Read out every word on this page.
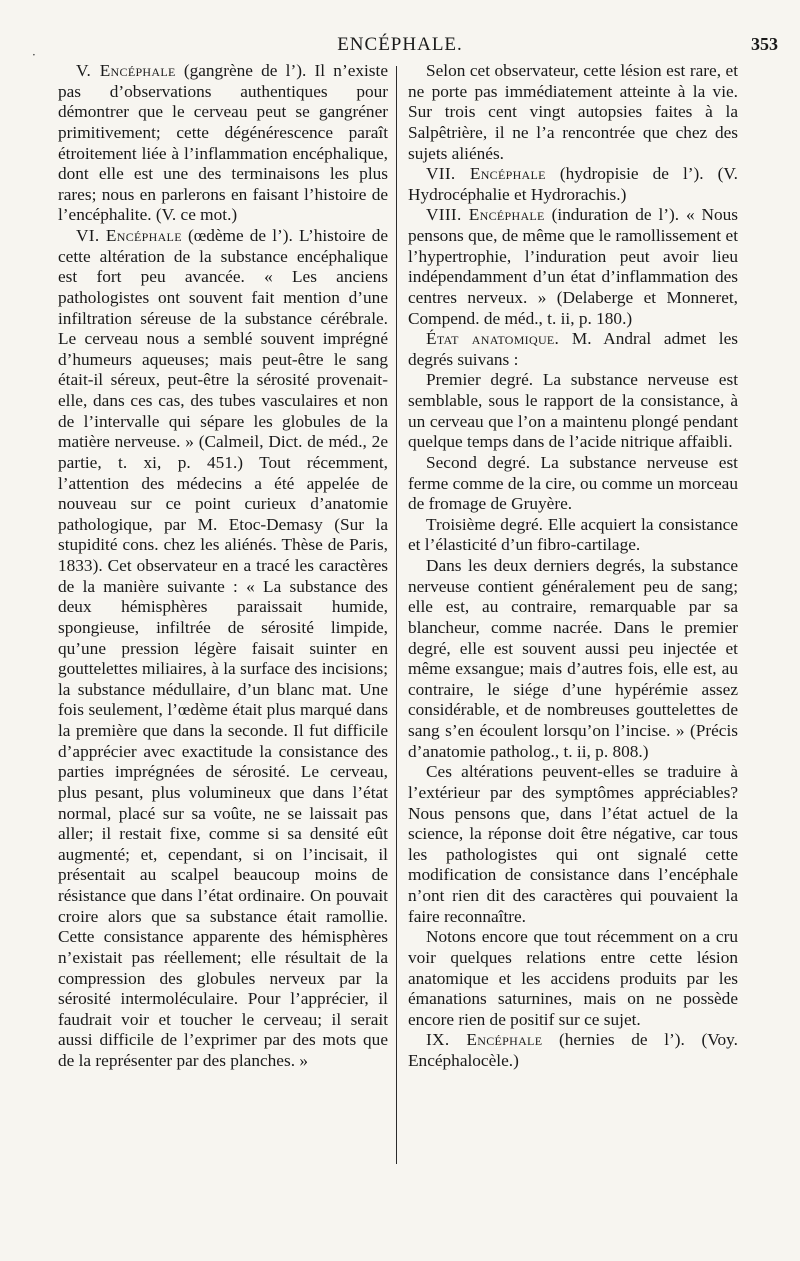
·	ENCÉPHALE.	353

V. Encéphale (gangrène de l’). Il n’existe pas d’observations authentiques pour démontrer que le cerveau peut se gangréner primitivement; cette dégénérescence paraît étroitement liée à l’inflammation encéphalique, dont elle est une des terminaisons les plus rares; nous en parlerons en faisant l’histoire de l’encéphalite. (V. ce mot.)

VI. Encéphale (œdème de l’). L’histoire de cette altération de la substance encéphalique est fort peu avancée. « Les anciens pathologistes ont souvent fait mention d’une infiltration séreuse de la substance cérébrale. Le cerveau nous a semblé souvent imprégné d’humeurs aqueuses; mais peut-être le sang était-il séreux, peut-être la sérosité provenait-elle, dans ces cas, des tubes vasculaires et non de l’intervalle qui sépare les globules de la matière nerveuse. » (Calmeil, Dict. de méd., 2e partie, t. xi, p. 451.) Tout récemment, l’attention des médecins a été appelée de nouveau sur ce point curieux d’anatomie pathologique, par M. Etoc-Demasy (Sur la stupidité cons. chez les aliénés. Thèse de Paris, 1833). Cet observateur en a tracé les caractères de la manière suivante : « La substance des deux hémisphères paraissait humide, spongieuse, infiltrée de sérosité limpide, qu’une pression légère faisait suinter en gouttelettes miliaires, à la surface des incisions; la substance médullaire, d’un blanc mat. Une fois seulement, l’œdème était plus marqué dans la première que dans la seconde. Il fut difficile d’apprécier avec exactitude la consistance des parties imprégnées de sérosité. Le cerveau, plus pesant, plus volumineux que dans l’état normal, placé sur sa voûte, ne se laissait pas aller; il restait fixe, comme si sa densité eût augmenté; et, cependant, si on l’incisait, il présentait au scalpel beaucoup moins de résistance que dans l’état ordinaire. On pouvait croire alors que sa substance était ramollie. Cette consistance apparente des hémisphères n’existait pas réellement; elle résultait de la compression des globules nerveux par la sérosité intermoléculaire. Pour l’apprécier, il faudrait voir et toucher le cerveau; il serait aussi difficile de l’exprimer par des mots que de la représenter par des planches. »

Selon cet observateur, cette lésion est rare, et ne porte pas immédiatement atteinte à la vie. Sur trois cent vingt autopsies faites à la Salpêtrière, il ne l’a rencontrée que chez des sujets aliénés.

VII. Encéphale (hydropisie de l’). (V. Hydrocéphalie et Hydrorachis.)

VIII. Encéphale (induration de l’). « Nous pensons que, de même que le ramollissement et l’hypertrophie, l’induration peut avoir lieu indépendamment d’un état d’inflammation des centres nerveux. » (Delaberge et Monneret, Compend. de méd., t. ii, p. 180.)

État anatomique. M. Andral admet les degrés suivans :

Premier degré. La substance nerveuse est semblable, sous le rapport de la consistance, à un cerveau que l’on a maintenu plongé pendant quelque temps dans de l’acide nitrique affaibli.

Second degré. La substance nerveuse est ferme comme de la cire, ou comme un morceau de fromage de Gruyère.

Troisième degré. Elle acquiert la consistance et l’élasticité d’un fibro-cartilage.

Dans les deux derniers degrés, la substance nerveuse contient généralement peu de sang; elle est, au contraire, remarquable par sa blancheur, comme nacrée. Dans le premier degré, elle est souvent aussi peu injectée et même exsangue; mais d’autres fois, elle est, au contraire, le siége d’une hypérémie assez considérable, et de nombreuses gouttelettes de sang s’en écoulent lorsqu’on l’incise. » (Précis d’anatomie patholog., t. ii, p. 808.)

Ces altérations peuvent-elles se traduire à l’extérieur par des symptômes appréciables? Nous pensons que, dans l’état actuel de la science, la réponse doit être négative, car tous les pathologistes qui ont signalé cette modification de consistance dans l’encéphale n’ont rien dit des caractères qui pouvaient la faire reconnaître.

Notons encore que tout récemment on a cru voir quelques relations entre cette lésion anatomique et les accidens produits par les émanations saturnines, mais on ne possède encore rien de positif sur ce sujet.

IX. Encéphale (hernies de l’). (Voy. Encéphalocèle.)
